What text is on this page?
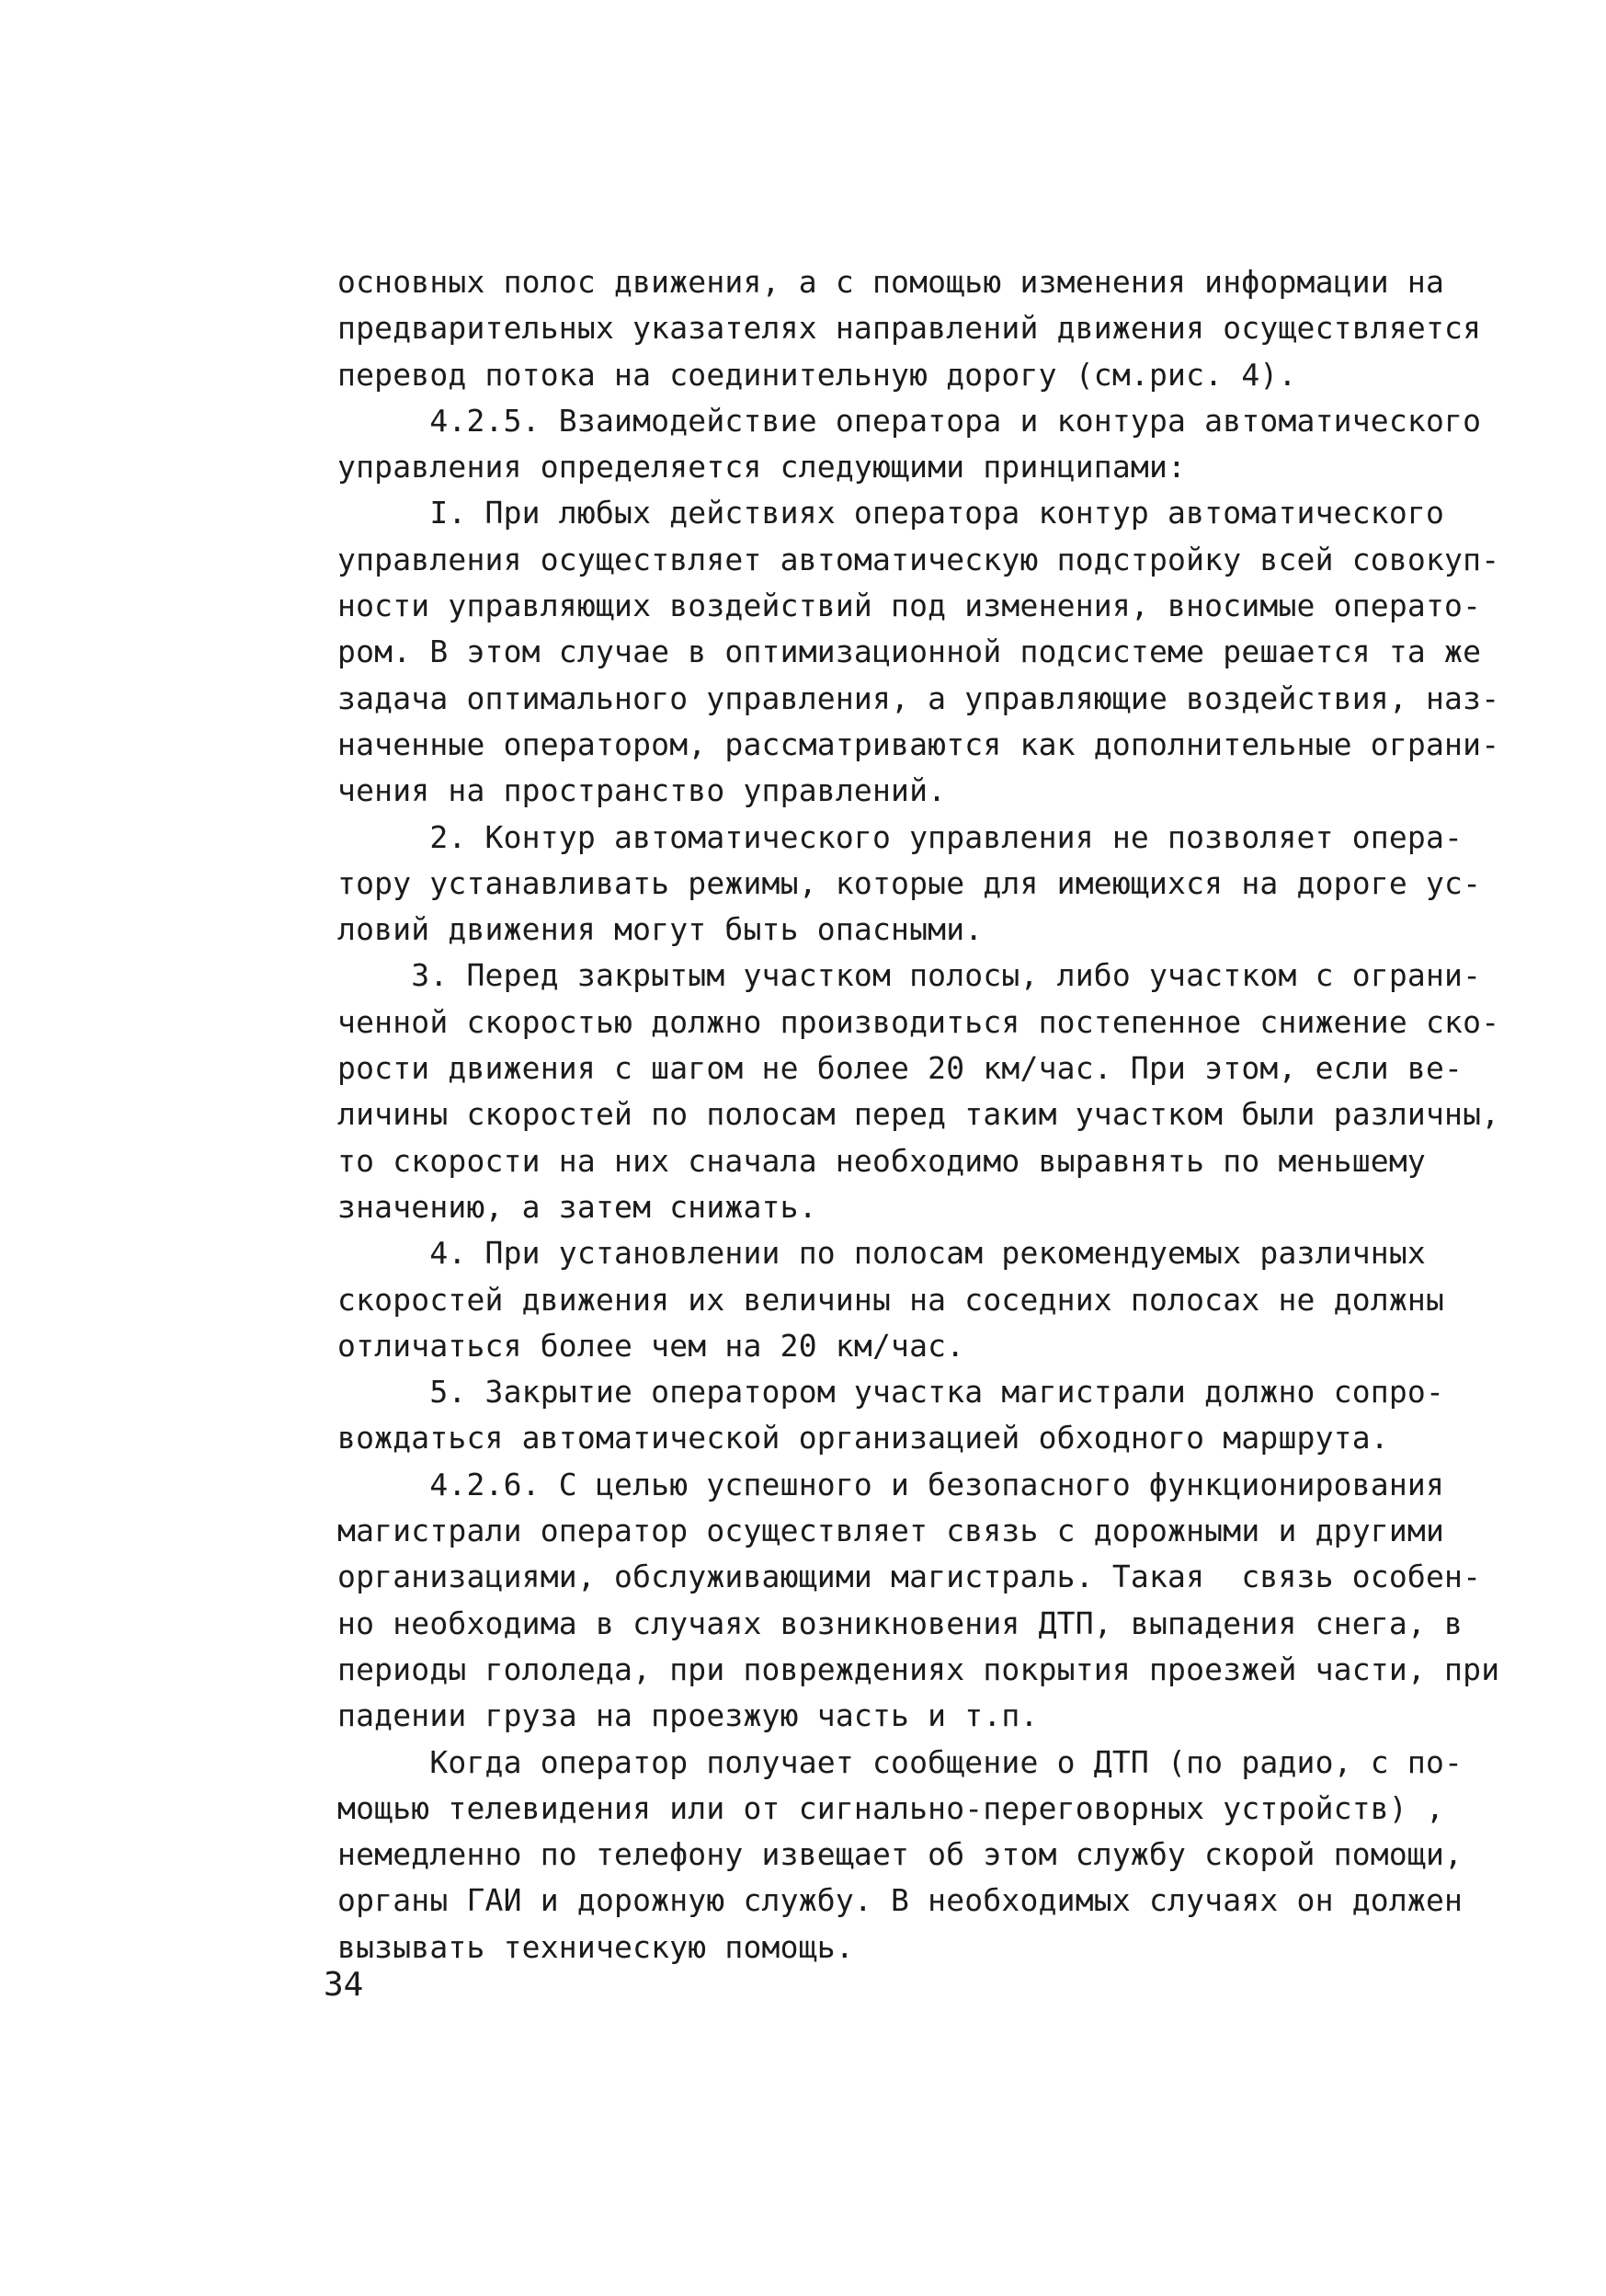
основных полос движения, а с помощью изменения информации на
предварительных указателях направлений движения осуществляется
перевод потока на соединительную дорогу (см.рис. 4).
4.2.5. Взаимодействие оператора и контура автоматического
управления определяется следующими принципами:
I. При любых действиях оператора контур автоматического
управления осуществляет автоматическую подстройку всей совокуп-
ности управляющих воздействий под изменения, вносимые операто-
ром. В этом случае в оптимизационной подсистеме решается та же
задача оптимального управления, а управляющие воздействия, наз-
наченные оператором, рассматриваются как дополнительные ограни-
чения на пространство управлений.
2. Контур автоматического управления не позволяет опера-
тору устанавливать режимы, которые для имеющихся на дороге ус-
ловий движения могут быть опасными.
3. Перед закрытым участком полосы, либо участком с ограни-
ченной скоростью должно производиться постепенное снижение ско-
рости движения с шагом не более 20 км/час. При этом, если ве-
личины скоростей по полосам перед таким участком были различны,
то скорости на них сначала необходимо выравнять по меньшему
значению, а затем снижать.
4. При установлении по полосам рекомендуемых различных
скоростей движения их величины на соседних полосах не должны
отличаться более чем на 20 км/час.
5. Закрытие оператором участка магистрали должно сопро-
вождаться автоматической организацией обходного маршрута.
4.2.6. С целью успешного и безопасного функционирования
магистрали оператор осуществляет связь с дорожными и другими
организациями, обслуживающими магистраль. Такая  связь особен-
но необходима в случаях возникновения ДТП, выпадения снега, в
периоды гололеда, при повреждениях покрытия проезжей части, при
падении груза на проезжую часть и т.п.
Когда оператор получает сообщение о ДТП (по радио, с по-
мощью телевидения или от сигнально-переговорных устройств) ,
немедленно по телефону извещает об этом службу скорой помощи,
органы ГАИ и дорожную службу. В необходимых случаях он должен
вызывать техническую помощь.
34
